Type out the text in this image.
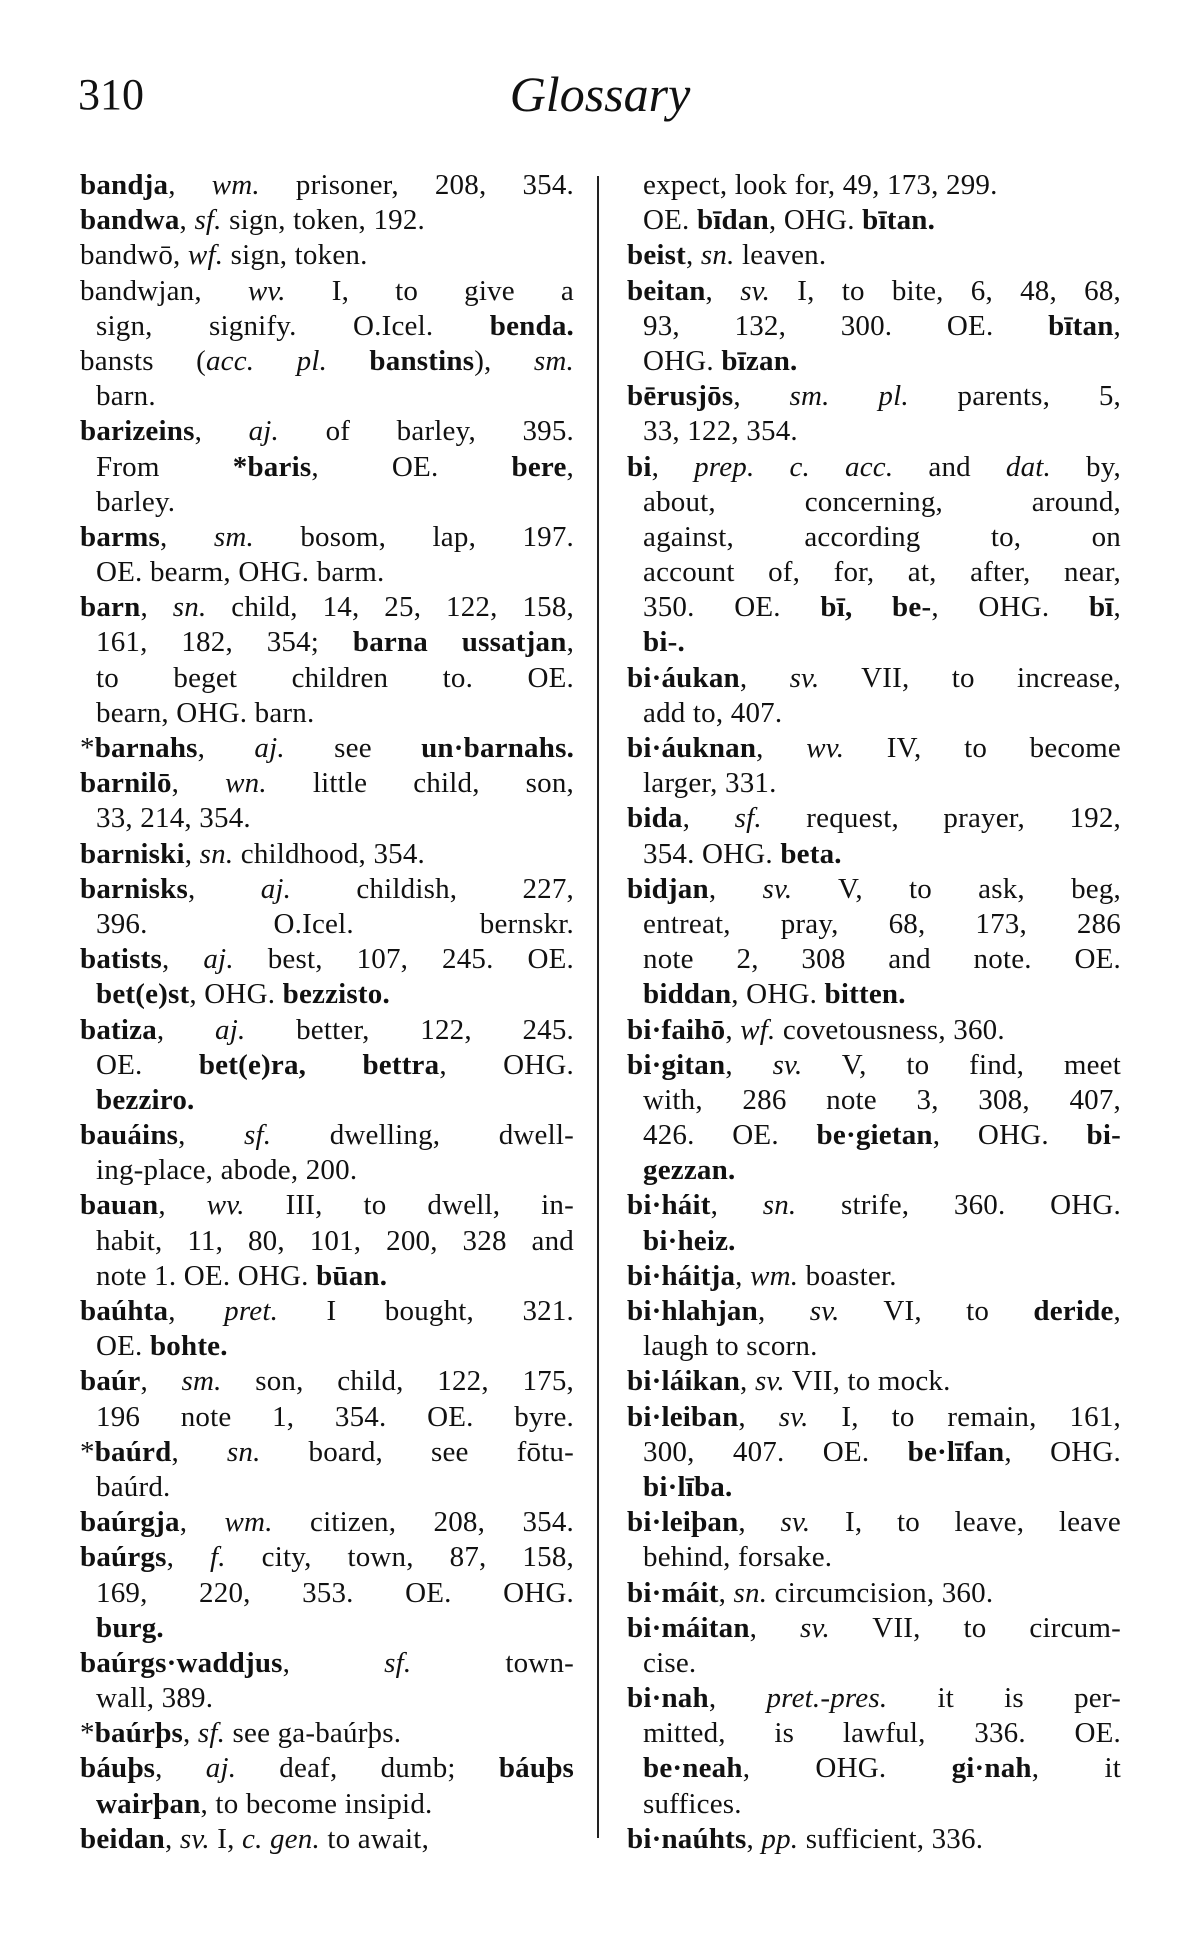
310	Glossary
bandja, wm. prisoner, 208, 354.
bandwa, sf. sign, token, 192.
bandwō, wf. sign, token.
bandwjan, wv. I, to give a
sign, signify. O.Icel. benda.
bansts (acc. pl. banstins), sm.
barn.
barizeins, aj. of barley, 395.
From *baris, OE. bere,
barley.
barms, sm. bosom, lap, 197.
OE. bearm, OHG. barm.
barn, sn. child, 14, 25, 122, 158,
161, 182, 354; barna ussatjan,
to beget children to. OE.
bearn, OHG. barn.
*barnahs, aj. see un·barnahs.
barnilō, wn. little child, son,
33, 214, 354.
barniski, sn. childhood, 354.
barnisks, aj. childish, 227,
396. O.Icel. bernskr.
batists, aj. best, 107, 245. OE.
bet(e)st, OHG. bezzisto.
batiza, aj. better, 122, 245.
OE. bet(e)ra, bettra, OHG.
bezziro.
bauáins, sf. dwelling, dwell-
ing-place, abode, 200.
bauan, wv. III, to dwell, in-
habit, 11, 80, 101, 200, 328 and
note 1. OE. OHG. būan.
baúhta, pret. I bought, 321.
OE. bohte.
baúr, sm. son, child, 122, 175,
196 note 1, 354. OE. byre.
*baúrd, sn. board, see fōtu-
baúrd.
baúrgja, wm. citizen, 208, 354.
baúrgs, f. city, town, 87, 158,
169, 220, 353. OE. OHG.
burg.
baúrgs·waddjus, sf. town-
wall, 389.
*baúrþs, sf. see ga-baúrþs.
báuþs, aj. deaf, dumb; báuþs
wairþan, to become insipid.
beidan, sv. I, c. gen. to await,
expect, look for, 49, 173, 299.
OE. bīdan, OHG. bītan.
beist, sn. leaven.
beitan, sv. I, to bite, 6, 48, 68,
93, 132, 300. OE. bītan,
OHG. bīzan.
bērusjōs, sm. pl. parents, 5,
33, 122, 354.
bi, prep. c. acc. and dat. by,
about, concerning, around,
against, according to, on
account of, for, at, after, near,
350. OE. bī, be-, OHG. bī,
bi-.
bi·áukan, sv. VII, to increase,
add to, 407.
bi·áuknan, wv. IV, to become
larger, 331.
bida, sf. request, prayer, 192,
354. OHG. beta.
bidjan, sv. V, to ask, beg,
entreat, pray, 68, 173, 286
note 2, 308 and note. OE.
biddan, OHG. bitten.
bi·faihō, wf. covetousness, 360.
bi·gitan, sv. V, to find, meet
with, 286 note 3, 308, 407,
426. OE. be·gietan, OHG. bi-
gezzan.
bi·háit, sn. strife, 360. OHG.
bi·heiz.
bi·háitja, wm. boaster.
bi·hlahjan, sv. VI, to deride,
laugh to scorn.
bi·láikan, sv. VII, to mock.
bi·leiban, sv. I, to remain, 161,
300, 407. OE. be·līfan, OHG.
bi·lība.
bi·leiþan, sv. I, to leave, leave
behind, forsake.
bi·máit, sn. circumcision, 360.
bi·máitan, sv. VII, to circum-
cise.
bi·nah, pret.-pres. it is per-
mitted, is lawful, 336. OE.
be·neah, OHG. gi·nah, it
suffices.
bi·naúhts, pp. sufficient, 336.
